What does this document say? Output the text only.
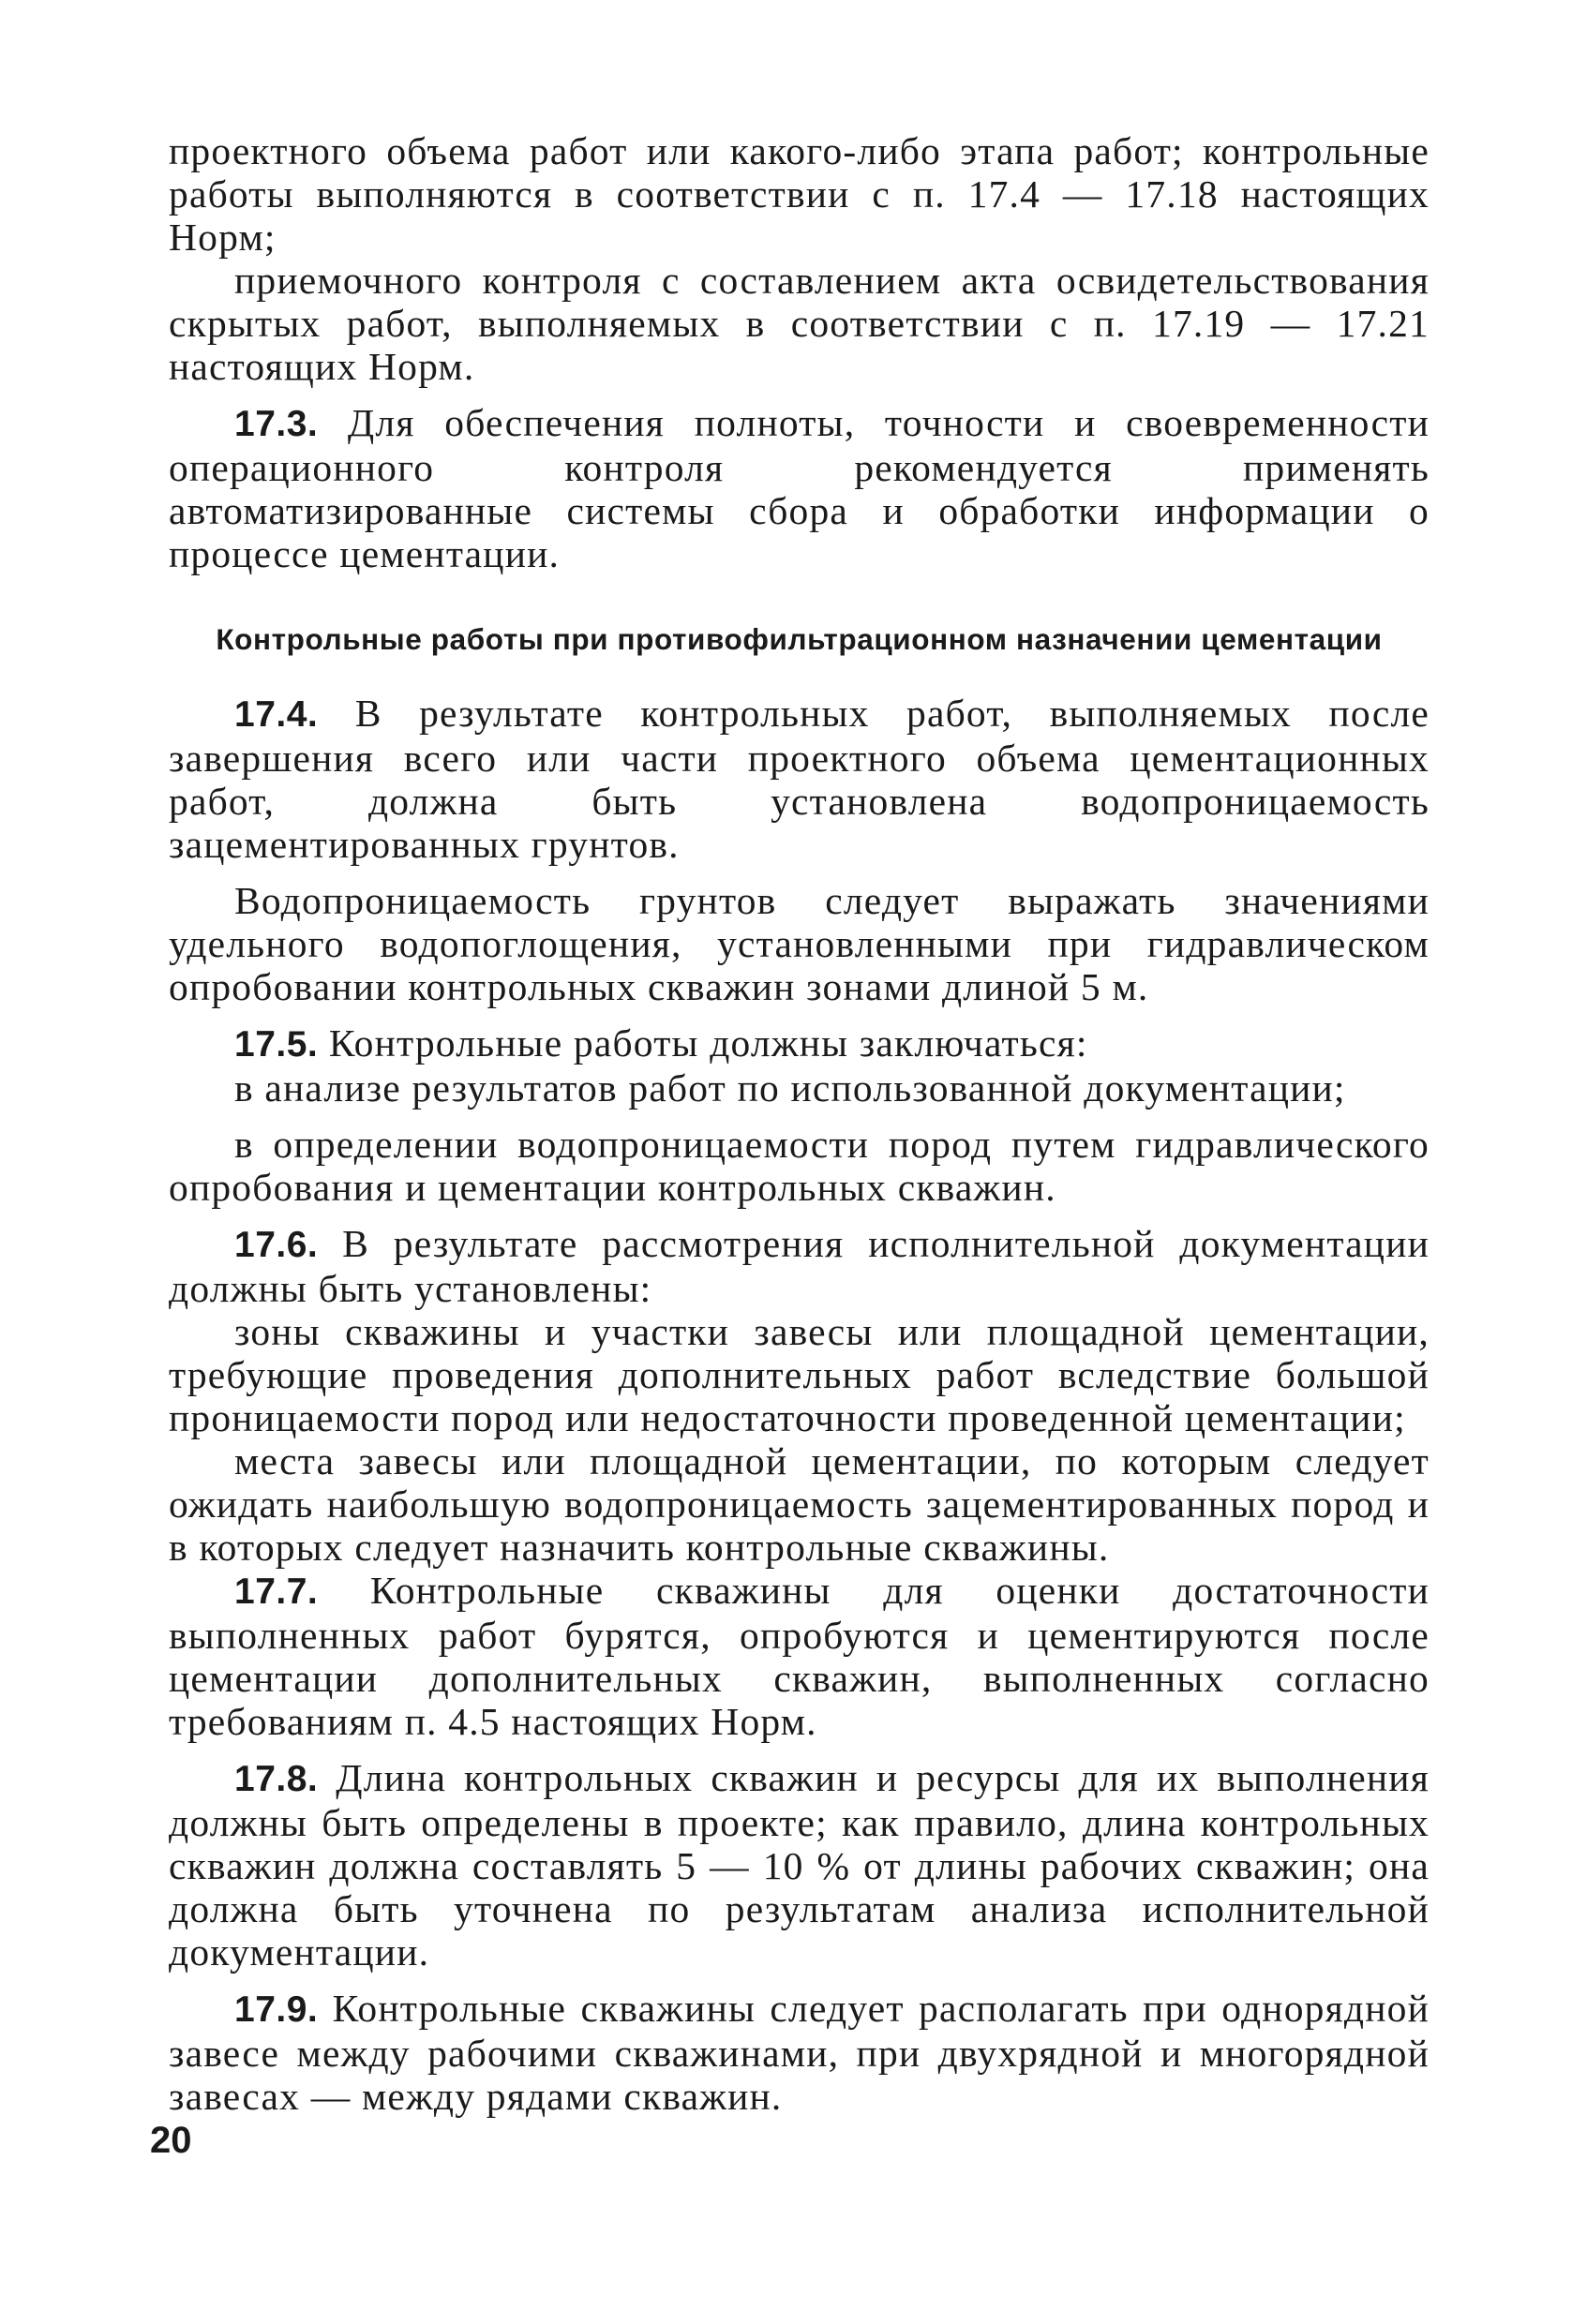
проектного объема работ или какого-либо этапа работ; контрольные работы выполняются в соответствии с п. 17.4 — 17.18 настоящих Норм;

приемочного контроля с составлением акта освидетельствования скрытых работ, выполняемых в соответствии с п. 17.19 — 17.21 настоящих Норм.

17.3. Для обеспечения полноты, точности и своевременности операционного контроля рекомендуется применять автоматизированные системы сбора и обработки информации о процессе цементации.

Контрольные работы при противофильтрационном назначении цементации

17.4. В результате контрольных работ, выполняемых после завершения всего или части проектного объема цементационных работ, должна быть установлена водопроницаемость зацементированных грунтов.

Водопроницаемость грунтов следует выражать значениями удельного водопоглощения, установленными при гидравлическом опробовании контрольных скважин зонами длиной 5 м.

17.5. Контрольные работы должны заключаться:

в анализе результатов работ по использованной документации;

в определении водопроницаемости пород путем гидравлического опробования и цементации контрольных скважин.

17.6. В результате рассмотрения исполнительной документации должны быть установлены:

зоны скважины и участки завесы или площадной цементации, требующие проведения дополнительных работ вследствие большой проницаемости пород или недостаточности проведенной цементации;

места завесы или площадной цементации, по которым следует ожидать наибольшую водопроницаемость зацементированных пород и в которых следует назначить контрольные скважины.

17.7. Контрольные скважины для оценки достаточности выполненных работ бурятся, опробуются и цементируются после цементации дополнительных скважин, выполненных согласно требованиям п. 4.5 настоящих Норм.

17.8. Длина контрольных скважин и ресурсы для их выполнения должны быть определены в проекте; как правило, длина контрольных скважин должна составлять 5 — 10 % от длины рабочих скважин; она должна быть уточнена по результатам анализа исполнительной документации.

17.9. Контрольные скважины следует располагать при однорядной завесе между рабочими скважинами, при двухрядной и многорядной завесах — между рядами скважин.

20
